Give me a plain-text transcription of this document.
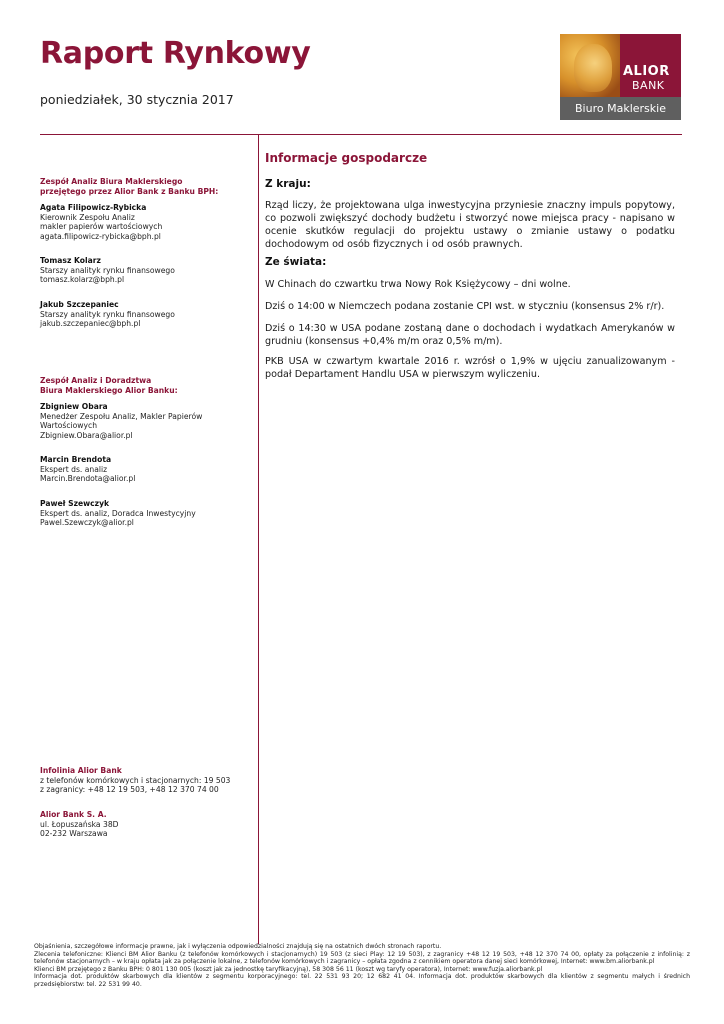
Raport Rynkowy
poniedziałek, 30 stycznia 2017
ALIOR
BANK
Biuro Maklerskie
Zespół Analiz Biura Maklerskiego
przejętego przez Alior Bank z Banku BPH:
Agata Filipowicz-Rybicka
Kierownik Zespołu Analiz
makler papierów wartościowych
agata.filipowicz-rybicka@bph.pl
Tomasz Kolarz
Starszy analityk rynku finansowego
tomasz.kolarz@bph.pl
Jakub Szczepaniec
Starszy analityk rynku finansowego
jakub.szczepaniec@bph.pl
Zespół Analiz i Doradztwa
Biura Maklerskiego Alior Banku:
Zbigniew Obara
Menedżer Zespołu Analiz, Makler Papierów
Wartościowych
Zbigniew.Obara@alior.pl
Marcin Brendota
Ekspert ds. analiz
Marcin.Brendota@alior.pl
Paweł Szewczyk
Ekspert ds. analiz, Doradca Inwestycyjny
Pawel.Szewczyk@alior.pl
Infolinia Alior Bank
z telefonów komórkowych i stacjonarnych: 19 503
z zagranicy: +48 12 19 503, +48 12 370 74 00
Alior Bank S. A.
ul. Łopuszańska 38D
02-232 Warszawa
Informacje gospodarcze
Z kraju:

Rząd liczy, że projektowana ulga inwestycyjna przyniesie znaczny impuls popytowy, co pozwoli zwiększyć dochody budżetu i stworzyć nowe miejsca pracy - napisano w ocenie skutków regulacji do projektu ustawy o zmianie ustawy o podatku dochodowym od osób fizycznych i od osób prawnych.

Ze świata:

W Chinach do czwartku trwa Nowy Rok Księżycowy – dni wolne.

Dziś o 14:00 w Niemczech podana zostanie CPI wst. w styczniu (konsensus 2% r/r).

Dziś o 14:30 w USA podane zostaną dane o dochodach i wydatkach Amerykanów w grudniu (konsensus +0,4% m/m oraz 0,5% m/m).

PKB USA w czwartym kwartale 2016 r. wzrósł o 1,9% w ujęciu zanualizowanym - podał Departament Handlu USA w pierwszym wyliczeniu.

Objaśnienia, szczegółowe informacje prawne, jak i wyłączenia odpowiedzialności znajdują się na ostatnich dwóch stronach raportu.
Zlecenia telefoniczne: Klienci BM Alior Banku (z telefonów komórkowych i stacjonarnych) 19 503 (z sieci Play: 12 19 503), z zagranicy +48 12 19 503, +48 12 370 74 00, opłaty za połączenie z infolinią: z telefonów stacjonarnych – w kraju opłata jak za połączenie lokalne, z telefonów komórkowych i zagranicy – opłata zgodna z cennikiem operatora danej sieci komórkowej, Internet: www.bm.aliorbank.pl
Klienci BM przejętego z Banku BPH: 0 801 130 005 (koszt jak za jednostkę taryfikacyjną), 58 308 56 11 (koszt wg taryfy operatora), Internet: www.fuzja.aliorbank.pl
Informacja dot. produktów skarbowych dla klientów z segmentu korporacyjnego: tel. 22 531 93 20; 12 682 41 04. Informacja dot. produktów skarbowych dla klientów z segmentu małych i średnich przedsiębiorstw: tel. 22 531 99 40.
